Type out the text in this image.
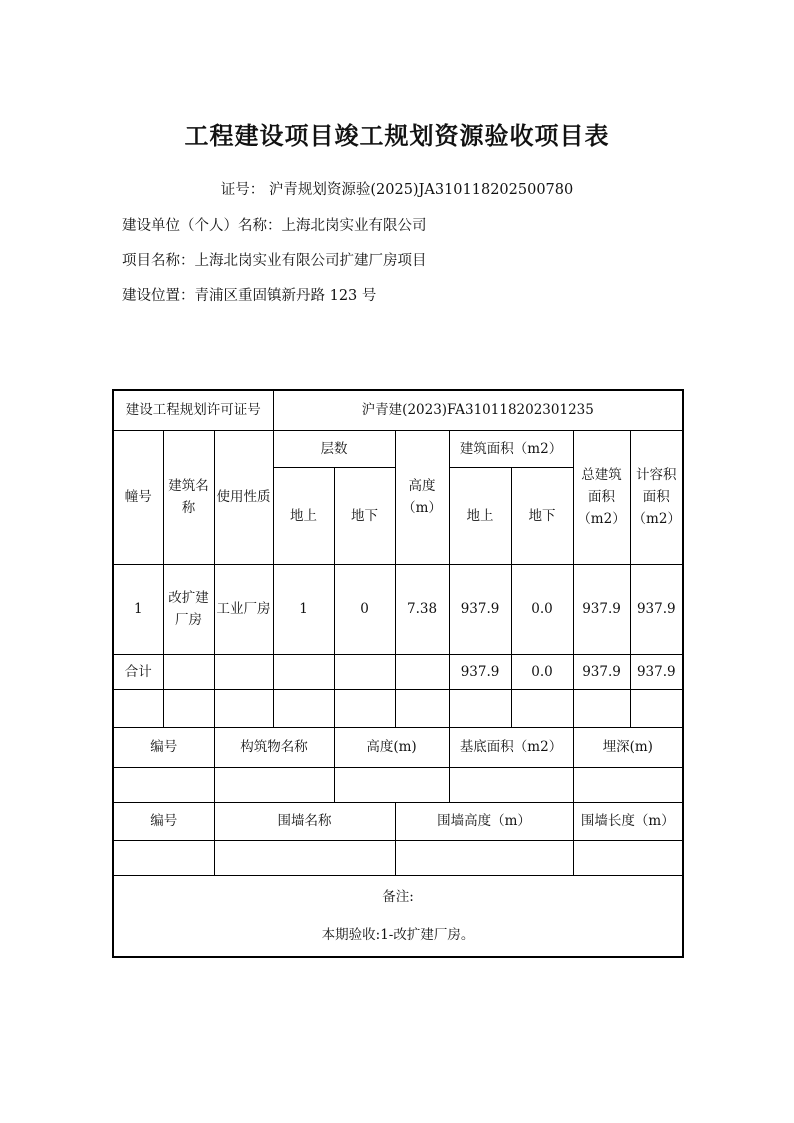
工程建设项目竣工规划资源验收项目表
证号： 沪青规划资源验(2025)JA310118202500780
建设单位（个人）名称：上海北岗实业有限公司
项目名称：上海北岗实业有限公司扩建厂房项目
建设位置：青浦区重固镇新丹路 123 号
建设工程规划许可证号			沪青建(2023)FA310118202301235						
幢号	建筑名称	使用性质	层数		高度（m）	建筑面积（m2）		总建筑面积（m2）	计容积面积（m2）
			地上	地下		地上	地下		
1	改扩建厂房	工业厂房	1	0	7.38	937.9	0.0	937.9	937.9
合计						937.9	0.0	937.9	937.9

编号		构筑物名称		高度(m)		基底面积（m2）		埋深(m)	

编号		围墙名称			围墙高度（m）			围墙长度（m）	

备注:
本期验收:1-改扩建厂房。									
